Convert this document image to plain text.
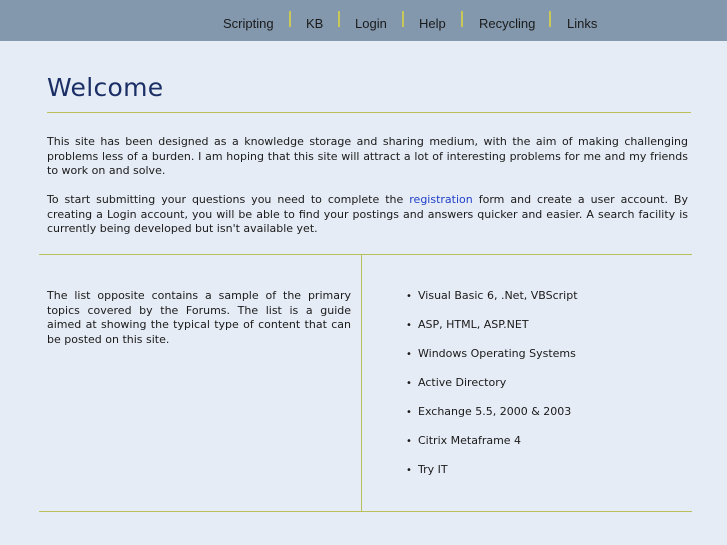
Scripting KB Login Help	Recycling Links
Welcome

This site has been designed as a knowledge storage and sharing medium, with the aim of making challenging problems less of a burden. I am hoping that this site will attract a lot of interesting problems for me and my friends to work on and solve.

To start submitting your questions you need to complete the registration form and create a user account. By creating a Login account, you will be able to find your postings and answers quicker and easier. A search facility is currently being developed but isn't available yet.

The list opposite contains a sample of the primary topics covered by the Forums. The list is a guide aimed at showing the typical type of content that can be posted on this site.

• Visual Basic 6, .Net, VBScript
• ASP, HTML, ASP.NET
• Windows Operating Systems
• Active Directory
• Exchange 5.5, 2000 & 2003
• Citrix Metaframe 4
• Try IT
